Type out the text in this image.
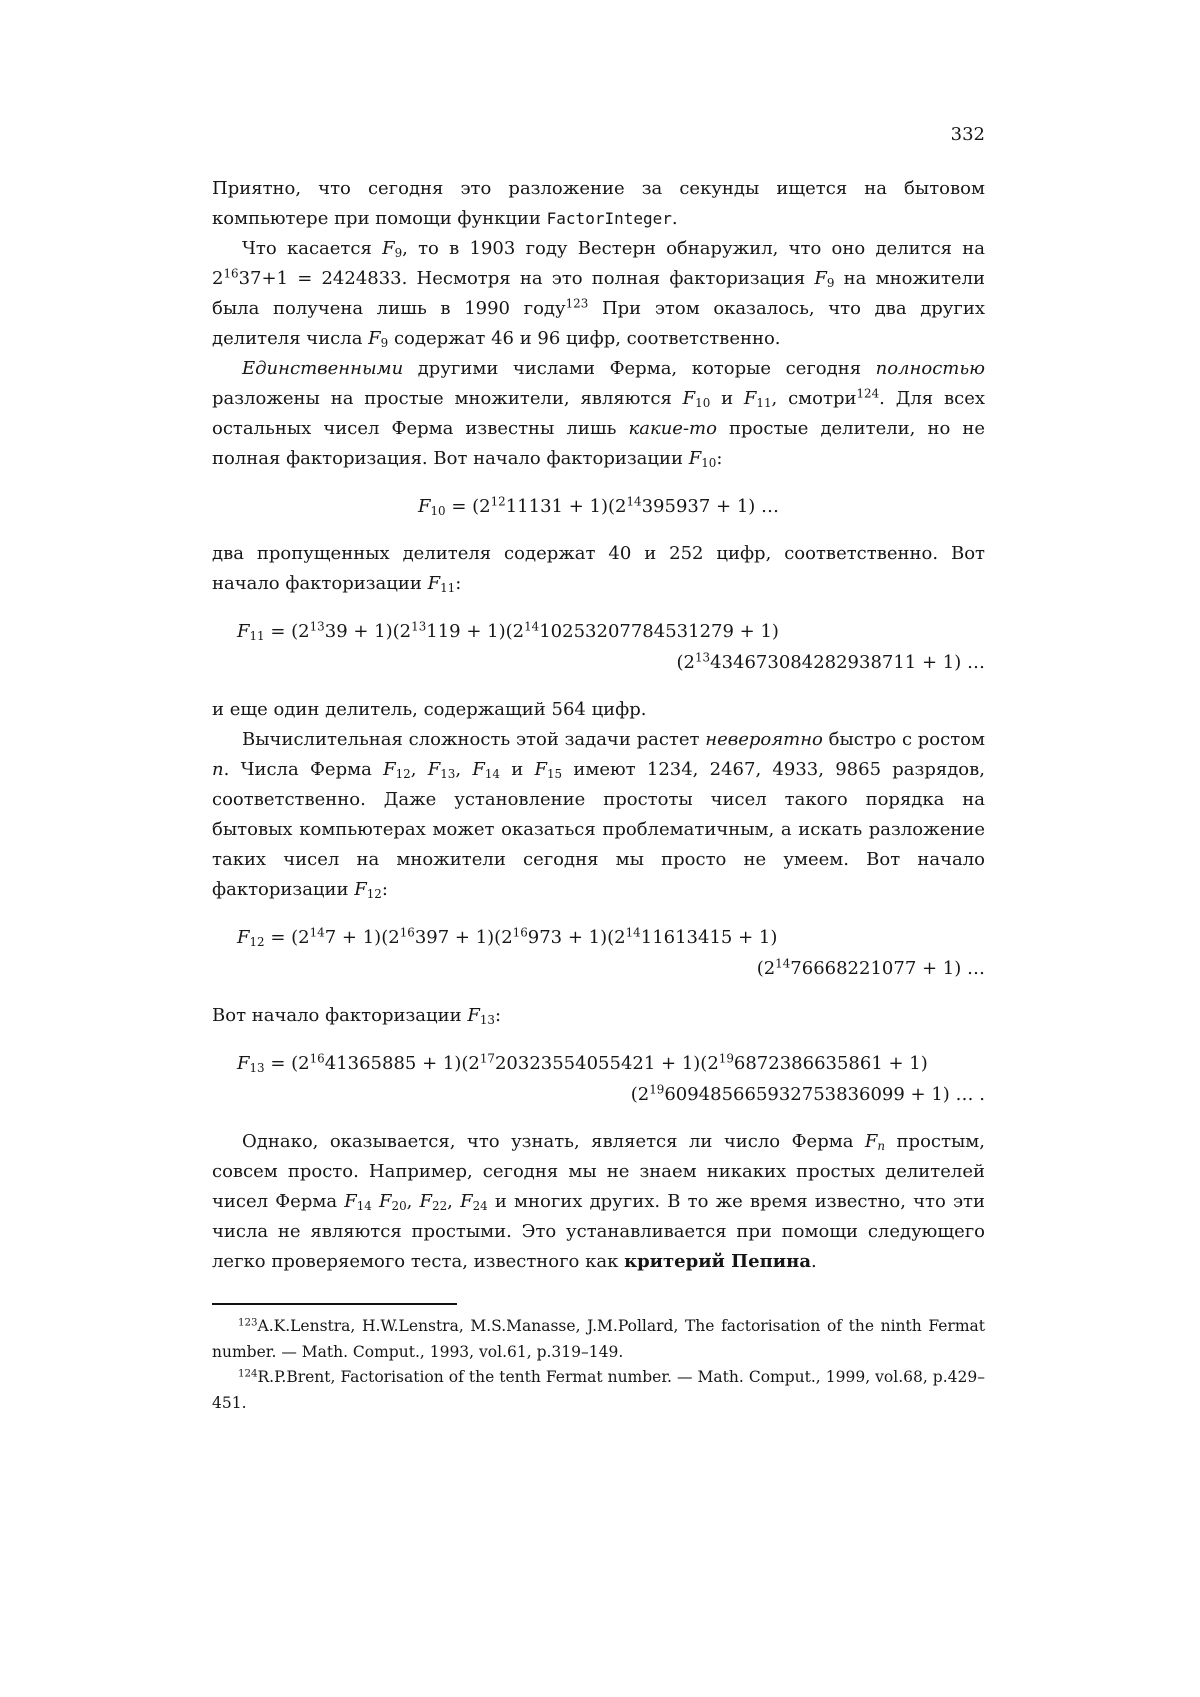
332

Приятно, что сегодня это разложение за секунды ищется на бытовом компьютере при помощи функции FactorInteger.

Что касается $F_9$, то в 1903 году Вестерн обнаружил, что оно делится на $2^{16}37+1 = 2424833$. Несмотря на это полная факторизация $F_9$ на множители была получена лишь в 1990 году$^{123}$ При этом оказалось, что два других делителя числа $F_9$ содержат 46 и 96 цифр, соответственно.

Единственными другими числами Ферма, которые сегодня полностью разложены на простые множители, являются $F_{10}$ и $F_{11}$, смотри$^{124}$. Для всех остальных чисел Ферма известны лишь какие-то простые делители, но не полная факторизация. Вот начало факторизации $F_{10}$:

$F_{10} = (2^{12}11131 + 1)(2^{14}395937 + 1)$ …

два пропущенных делителя содержат 40 и 252 цифр, соответственно. Вот начало факторизации $F_{11}$:

$F_{11} = (2^{13}39 + 1)(2^{13}119 + 1)(2^{14}10253207784531279 + 1)$
$(2^{13}434673084282938711 + 1)$ …

и еще один делитель, содержащий 564 цифр.

Вычислительная сложность этой задачи растет невероятно быстро с ростом n. Числа Ферма $F_{12}$, $F_{13}$, $F_{14}$ и $F_{15}$ имеют 1234, 2467, 4933, 9865 разрядов, соответственно. Даже установление простоты чисел такого порядка на бытовых компьютерах может оказаться проблематичным, а искать разложение таких чисел на множители сегодня мы просто не умеем. Вот начало факторизации $F_{12}$:

$F_{12} = (2^{14}7 + 1)(2^{16}397 + 1)(2^{16}973 + 1)(2^{14}11613415 + 1)$
$(2^{14}76668221077 + 1)$ …

Вот начало факторизации $F_{13}$:

$F_{13} = (2^{16}41365885 + 1)(2^{17}20323554055421 + 1)(2^{19}6872386635861 + 1)$
$(2^{19}609485665932753836099 + 1)$ … .

Однако, оказывается, что узнать, является ли число Ферма $F_n$ простым, совсем просто. Например, сегодня мы не знаем никаких простых делителей чисел Ферма $F_{14}$ $F_{20}$, $F_{22}$, $F_{24}$ и многих других. В то же время известно, что эти числа не являются простыми. Это устанавливается при помощи следующего легко проверяемого теста, известного как критерий Пепина.

$^{123}$A.K.Lenstra, H.W.Lenstra, M.S.Manasse, J.M.Pollard, The factorisation of the ninth Fermat number. — Math. Comput., 1993, vol.61, p.319–149.

$^{124}$R.P.Brent, Factorisation of the tenth Fermat number. — Math. Comput., 1999, vol.68, p.429–451.
